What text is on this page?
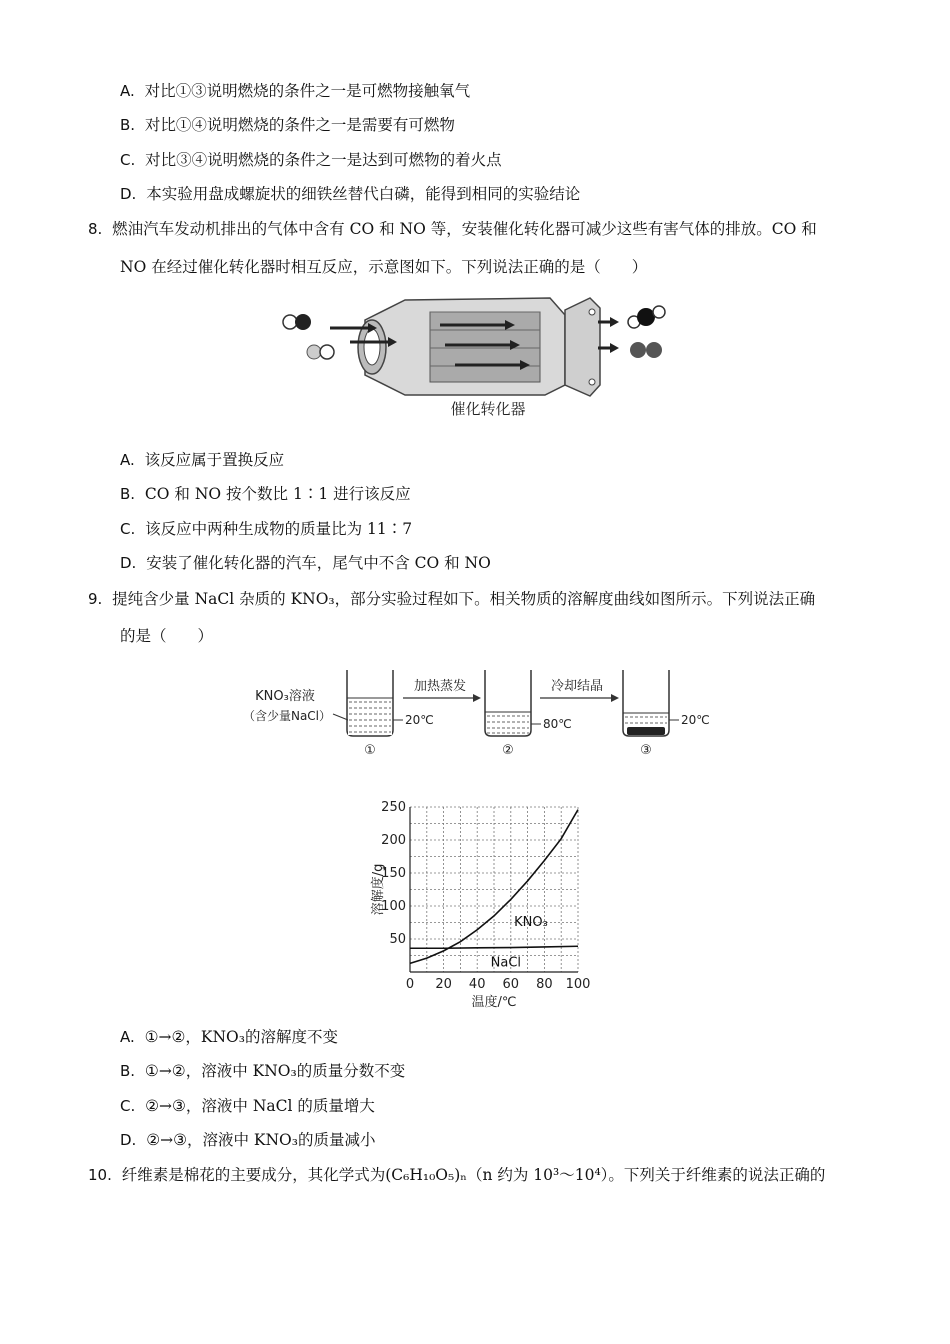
A. 对比①③说明燃烧的条件之一是可燃物接触氧气
B. 对比①④说明燃烧的条件之一是需要有可燃物
C. 对比③④说明燃烧的条件之一是达到可燃物的着火点
D. 本实验用盘成螺旋状的细铁丝替代白磷，能得到相同的实验结论
8. 燃油汽车发动机排出的气体中含有 CO 和 NO 等，安装催化转化器可减少这些有害气体的排放。CO 和
NO 在经过催化转化器时相互反应，示意图如下。下列说法正确的是（　　）
催化转化器
A. 该反应属于置换反应
B. CO 和 NO 按个数比 1∶1 进行该反应
C. 该反应中两种生成物的质量比为 11∶7
D. 安装了催化转化器的汽车，尾气中不含 CO 和 NO
9. 提纯含少量 NaCl 杂质的 KNO₃，部分实验过程如下。相关物质的溶解度曲线如图所示。下列说法正确
的是（　　）
KNO₃溶液
（含少量NaCl）	20℃
①
加热蒸发
80℃
②
冷却结晶
20℃
③
0 20 40 60 80 100
50
100
150
200
250
温度/℃
溶解度/g
KNO₃
NaCl
A. ①→②，KNO₃的溶解度不变
B. ①→②，溶液中 KNO₃的质量分数不变
C. ②→③，溶液中 NaCl 的质量增大
D. ②→③，溶液中 KNO₃的质量减小
10. 纤维素是棉花的主要成分，其化学式为(C₆H₁₀O₅)ₙ（n 约为 10³～10⁴）。下列关于纤维素的说法正确的
